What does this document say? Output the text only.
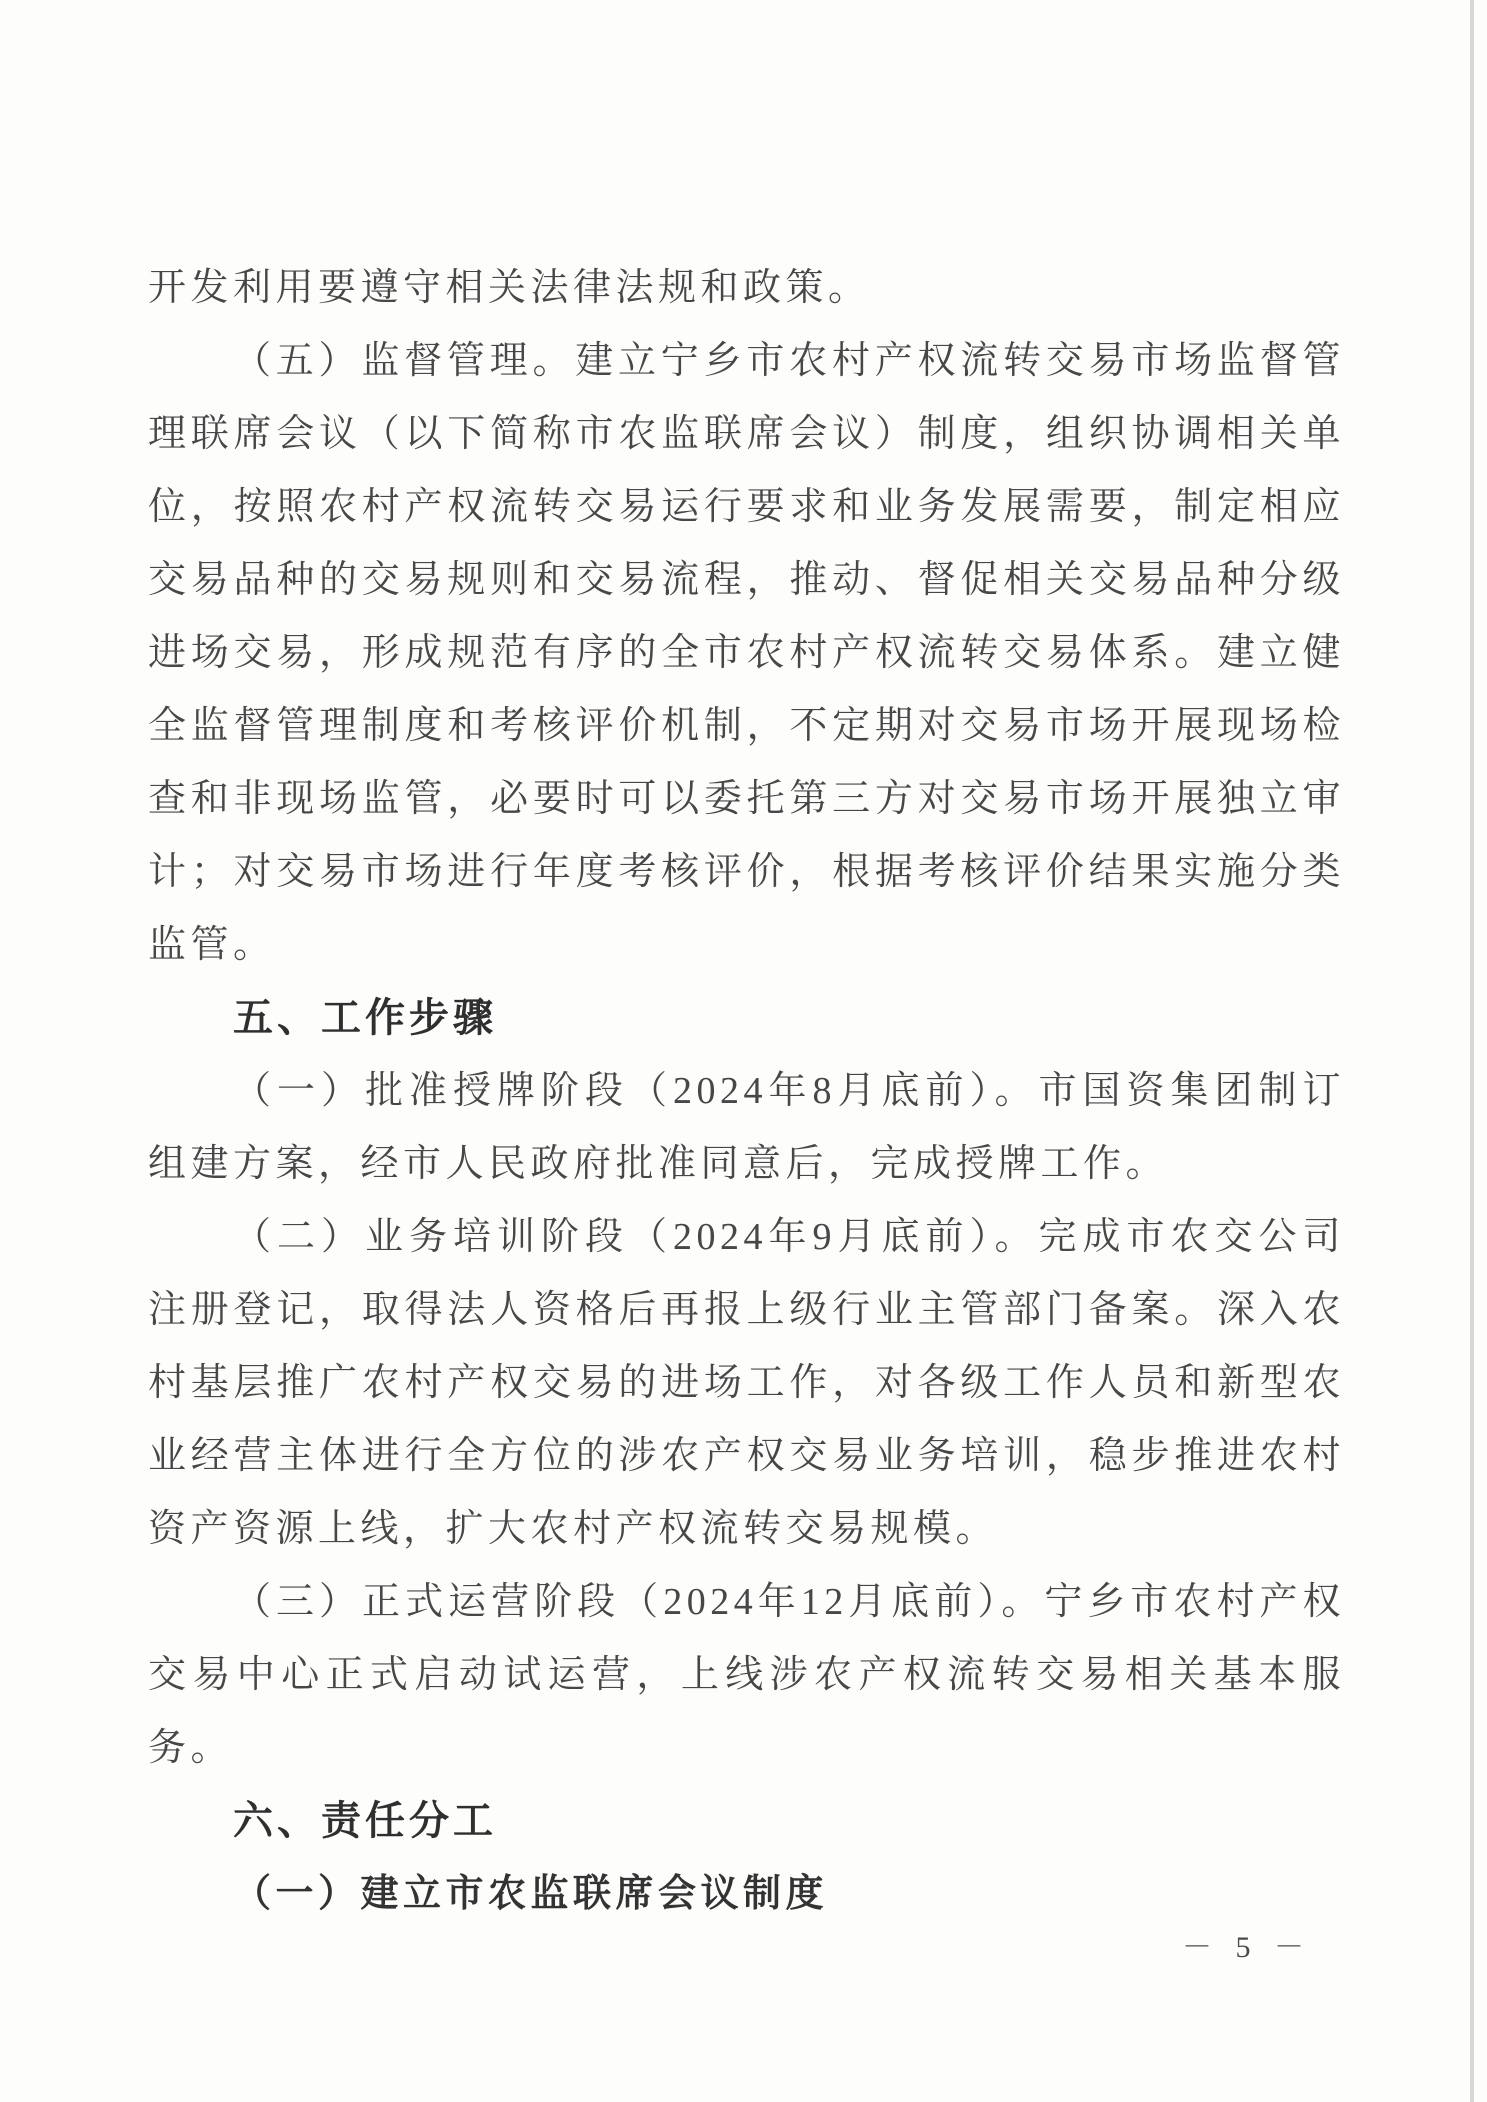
开发利用要遵守相关法律法规和政策。

（五）监督管理。建立宁乡市农村产权流转交易市场监督管理联席会议（以下简称市农监联席会议）制度，组织协调相关单位，按照农村产权流转交易运行要求和业务发展需要，制定相应交易品种的交易规则和交易流程，推动、督促相关交易品种分级进场交易，形成规范有序的全市农村产权流转交易体系。建立健全监督管理制度和考核评价机制，不定期对交易市场开展现场检查和非现场监管，必要时可以委托第三方对交易市场开展独立审计；对交易市场进行年度考核评价，根据考核评价结果实施分类监管。

五、工作步骤

（一）批准授牌阶段（2024年8月底前）。市国资集团制订组建方案，经市人民政府批准同意后，完成授牌工作。

（二）业务培训阶段（2024年9月底前）。完成市农交公司注册登记，取得法人资格后再报上级行业主管部门备案。深入农村基层推广农村产权交易的进场工作，对各级工作人员和新型农业经营主体进行全方位的涉农产权交易业务培训，稳步推进农村资产资源上线，扩大农村产权流转交易规模。

（三）正式运营阶段（2024年12月底前）。宁乡市农村产权交易中心正式启动试运营，上线涉农产权流转交易相关基本服务。

六、责任分工
（一）建立市农监联席会议制度
－ 5 －
